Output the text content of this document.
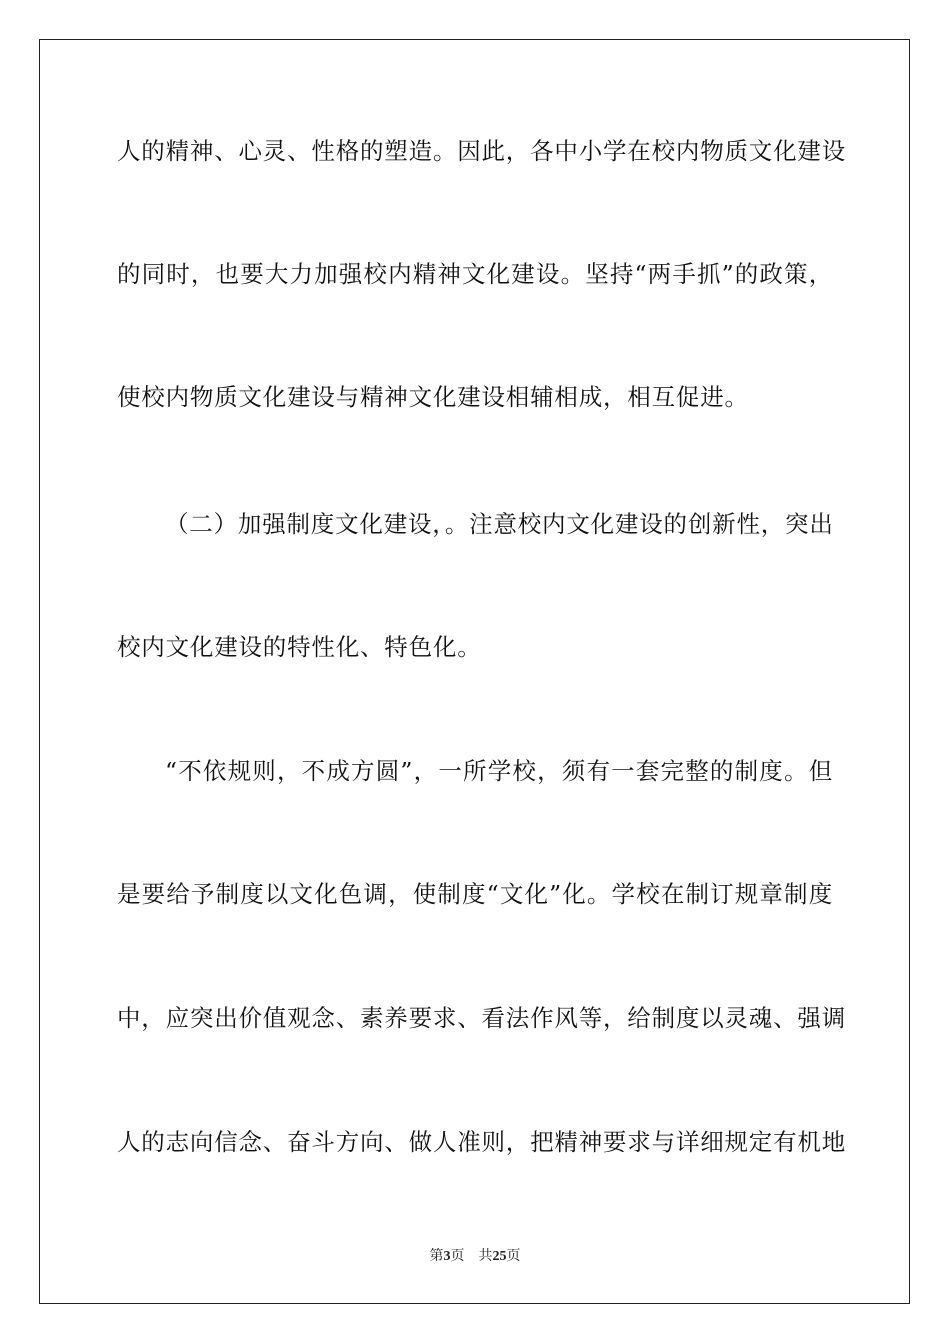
人的精神、心灵、性格的塑造。因此，各中小学在校内物质文化建设
的同时，也要大力加强校内精神文化建设。坚持“两手抓”的政策，
使校内物质文化建设与精神文化建设相辅相成，相互促进。
（二）加强制度文化建设，。注意校内文化建设的创新性，突出
校内文化建设的特性化、特色化。
“不依规则，不成方圆”，一所学校，须有一套完整的制度。但
是要给予制度以文化色调，使制度“文化”化。学校在制订规章制度
中，应突出价值观念、素养要求、看法作风等，给制度以灵魂、强调
人的志向信念、奋斗方向、做人准则，把精神要求与详细规定有机地
第3页 共25页
